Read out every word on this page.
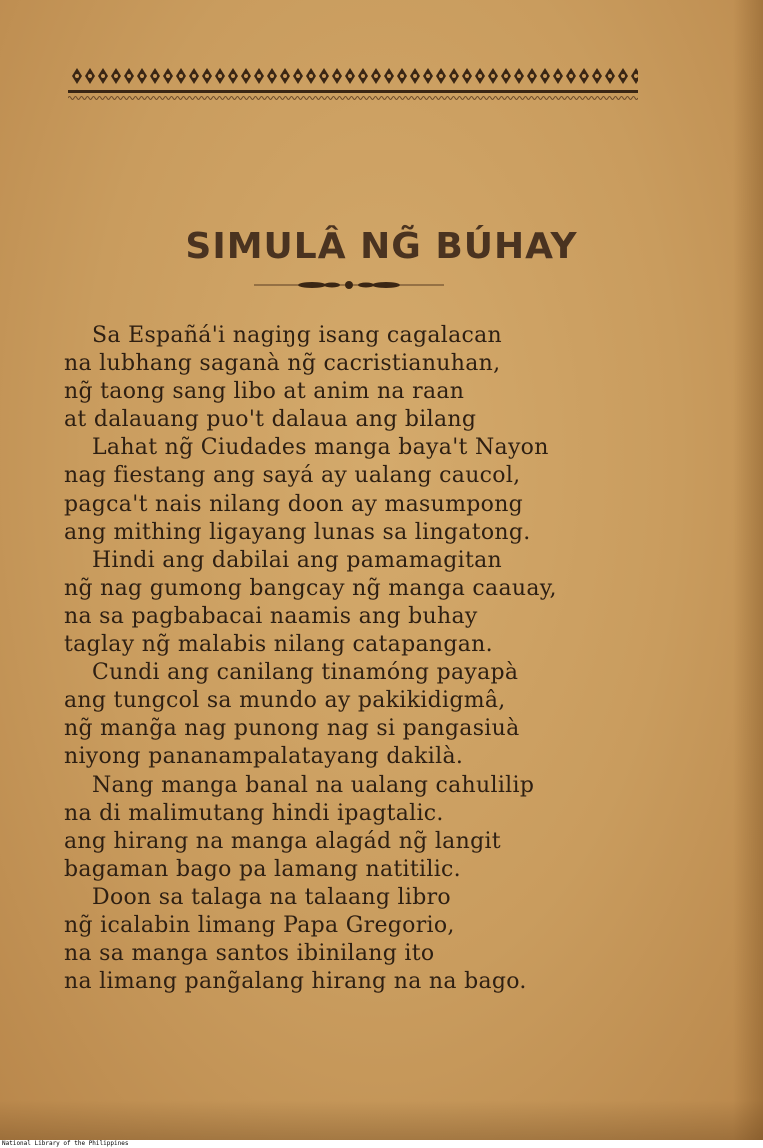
SIMULÂ NG̃ BÚHAY
Sa Españá'i nagiŋg isang cagalacan
na lubhang saganà ng̃ cacristianuhan,
ng̃ taong sang libo at anim na raan
at dalauang puo't dalaua ang bilang
Lahat ng̃ Ciudades manga baya't Nayon
nag fiestang ang sayá ay ualang caucol,
pagca't nais nilang doon ay masumpong
ang mithing ligayang lunas sa lingatong.
Hindi ang dabilai ang pamamagitan
ng̃ nag gumong bangcay ng̃ manga caauay,
na sa pagbabacai naamis ang buhay
taglay ng̃ malabis nilang catapangan.
Cundi ang canilang tinamóng payapà
ang tungcol sa mundo ay pakikidigmâ,
ng̃ mang̃a nag punong nag si pangasiuà
niyong pananampalatayang dakilà.
Nang manga banal na ualang cahulilip
na di malimutang hindi ipagtalic.
ang hirang na manga alagád ng̃ langit
bagaman bago pa lamang natitilic.
Doon sa talaga na talaang libro
ng̃ icalabin limang Papa Gregorio,
na sa manga santos ibinilang ito
na limang pang̃alang hirang na na bago.
National Library of the Philippines
